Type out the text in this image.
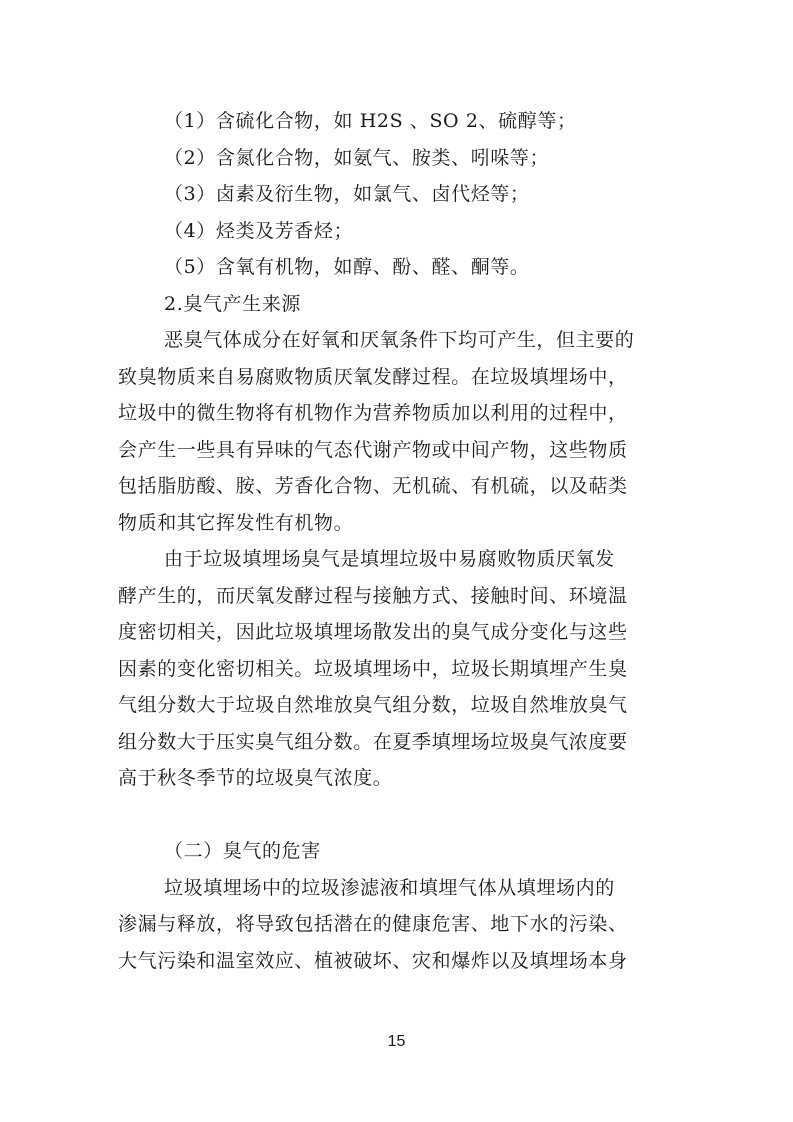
（1）含硫化合物，如 H2S 、SO 2、硫醇等；
（2）含氮化合物，如氨气、胺类、吲哚等；
（3）卤素及衍生物，如氯气、卤代烃等；
（4）烃类及芳香烃；
（5）含氧有机物，如醇、酚、醛、酮等。
2.臭气产生来源
恶臭气体成分在好氧和厌氧条件下均可产生，但主要的
致臭物质来自易腐败物质厌氧发酵过程。在垃圾填埋场中，
垃圾中的微生物将有机物作为营养物质加以利用的过程中，
会产生一些具有异味的气态代谢产物或中间产物，这些物质
包括脂肪酸、胺、芳香化合物、无机硫、有机硫，以及萜类
物质和其它挥发性有机物。
由于垃圾填埋场臭气是填埋垃圾中易腐败物质厌氧发
酵产生的，而厌氧发酵过程与接触方式、接触时间、环境温
度密切相关，因此垃圾填埋场散发出的臭气成分变化与这些
因素的变化密切相关。垃圾填埋场中，垃圾长期填埋产生臭
气组分数大于垃圾自然堆放臭气组分数，垃圾自然堆放臭气
组分数大于压实臭气组分数。在夏季填埋场垃圾臭气浓度要
高于秋冬季节的垃圾臭气浓度。
（二）臭气的危害
垃圾填埋场中的垃圾渗滤液和填埋气体从填埋场内的
渗漏与释放，将导致包括潜在的健康危害、地下水的污染、
大气污染和温室效应、植被破坏、灾和爆炸以及填埋场本身
15
